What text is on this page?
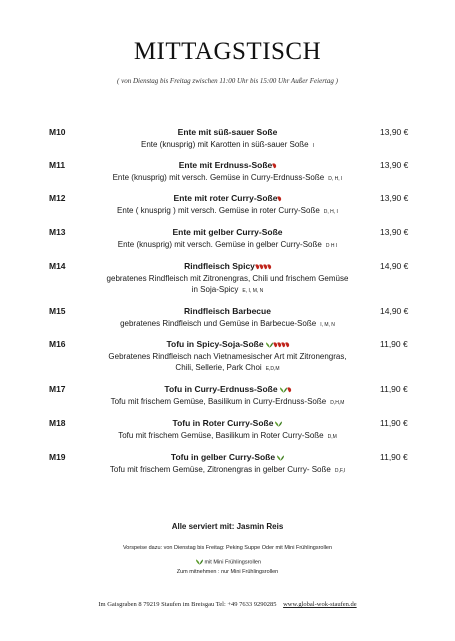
MITTAGSTISCH
( von Dienstag bis Freitag zwischen 11:00 Uhr bis 15:00 Uhr Außer Feiertag )
M10	Ente mit süß-sauer Soße	13,90 €
Ente (knusprig) mit Karotten in süß-sauer Soße I
M11	Ente mit Erdnuss-Soße	13,90 €
Ente (knusprig) mit versch. Gemüse in Curry-Erdnuss-Soße D, H, I
M12	Ente mit roter Curry-Soße	13,90 €
Ente ( knusprig ) mit versch. Gemüse in roter Curry-Soße D, H, I
M13	Ente mit gelber Curry-Soße	13,90 €
Ente (knusprig) mit versch. Gemüse in gelber Curry-Soße D H I
M14	Rindfleisch Spicy	14,90 €
gebratenes Rindfleisch mit Zitronengras, Chili und frischem Gemüse
in Soja-Spicy E, I, M, N
M15	Rindfleisch Barbecue	14,90 €
gebratenes Rindfleisch und Gemüse in Barbecue-Soße I, M, N
M16	Tofu in Spicy-Soja-Soße	11,90 €
Gebratenes Rindfleisch nach Vietnamesischer Art mit Zitronengras,
Chili, Sellerie, Park Choi E,D,M
M17	Tofu in Curry-Erdnuss-Soße	11,90 €
Tofu mit frischem Gemüse, Basilikum in Curry-Erdnuss-Soße D,H,M
M18	Tofu in Roter Curry-Soße	11,90 €
Tofu mit frischem Gemüse, Basilikum in Roter Curry-Soße D,M
M19	Tofu in gelber Curry-Soße	11,90 €
Tofu mit frischem Gemüse, Zitronengras in gelber Curry- Soße D,F,I
Alle serviert mit: Jasmin Reis
Vorspeise dazu: von Dienstag bis Freitag: Peking Suppe Oder mit Mini Frühlingsrollen
mit Mini Frühlingsrollen
Zum mitnehmen : nur Mini Frühlingsrollen
Im Gaisgraben 8 79219 Staufen im Breisgau Tel: +49 7633 9290285 www.global-wok-staufen.de
